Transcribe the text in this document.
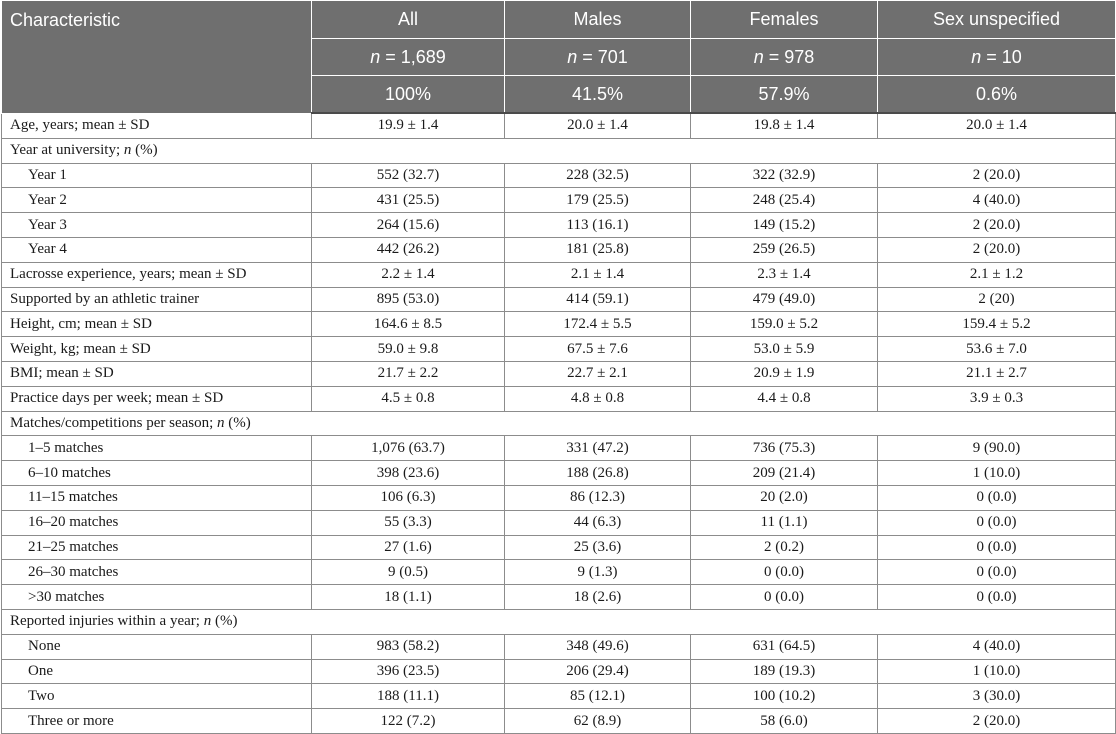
Characteristic	All	Males	Females	Sex unspecified
	n = 1,689	n = 701	n = 978	n = 10
	100%	41.5%	57.9%	0.6%
Age, years; mean ± SD	19.9 ± 1.4	20.0 ± 1.4	19.8 ± 1.4	20.0 ± 1.4
Year at university; n (%)				
Year 1	552 (32.7)	228 (32.5)	322 (32.9)	2 (20.0)
Year 2	431 (25.5)	179 (25.5)	248 (25.4)	4 (40.0)
Year 3	264 (15.6)	113 (16.1)	149 (15.2)	2 (20.0)
Year 4	442 (26.2)	181 (25.8)	259 (26.5)	2 (20.0)
Lacrosse experience, years; mean ± SD	2.2 ± 1.4	2.1 ± 1.4	2.3 ± 1.4	2.1 ± 1.2
Supported by an athletic trainer	895 (53.0)	414 (59.1)	479 (49.0)	2 (20)
Height, cm; mean ± SD	164.6 ± 8.5	172.4 ± 5.5	159.0 ± 5.2	159.4 ± 5.2
Weight, kg; mean ± SD	59.0 ± 9.8	67.5 ± 7.6	53.0 ± 5.9	53.6 ± 7.0
BMI; mean ± SD	21.7 ± 2.2	22.7 ± 2.1	20.9 ± 1.9	21.1 ± 2.7
Practice days per week; mean ± SD	4.5 ± 0.8	4.8 ± 0.8	4.4 ± 0.8	3.9 ± 0.3
Matches/competitions per season; n (%)				
1–5 matches	1,076 (63.7)	331 (47.2)	736 (75.3)	9 (90.0)
6–10 matches	398 (23.6)	188 (26.8)	209 (21.4)	1 (10.0)
11–15 matches	106 (6.3)	86 (12.3)	20 (2.0)	0 (0.0)
16–20 matches	55 (3.3)	44 (6.3)	11 (1.1)	0 (0.0)
21–25 matches	27 (1.6)	25 (3.6)	2 (0.2)	0 (0.0)
26–30 matches	9 (0.5)	9 (1.3)	0 (0.0)	0 (0.0)
>30 matches	18 (1.1)	18 (2.6)	0 (0.0)	0 (0.0)
Reported injuries within a year; n (%)				
None	983 (58.2)	348 (49.6)	631 (64.5)	4 (40.0)
One	396 (23.5)	206 (29.4)	189 (19.3)	1 (10.0)
Two	188 (11.1)	85 (12.1)	100 (10.2)	3 (30.0)
Three or more	122 (7.2)	62 (8.9)	58 (6.0)	2 (20.0)
